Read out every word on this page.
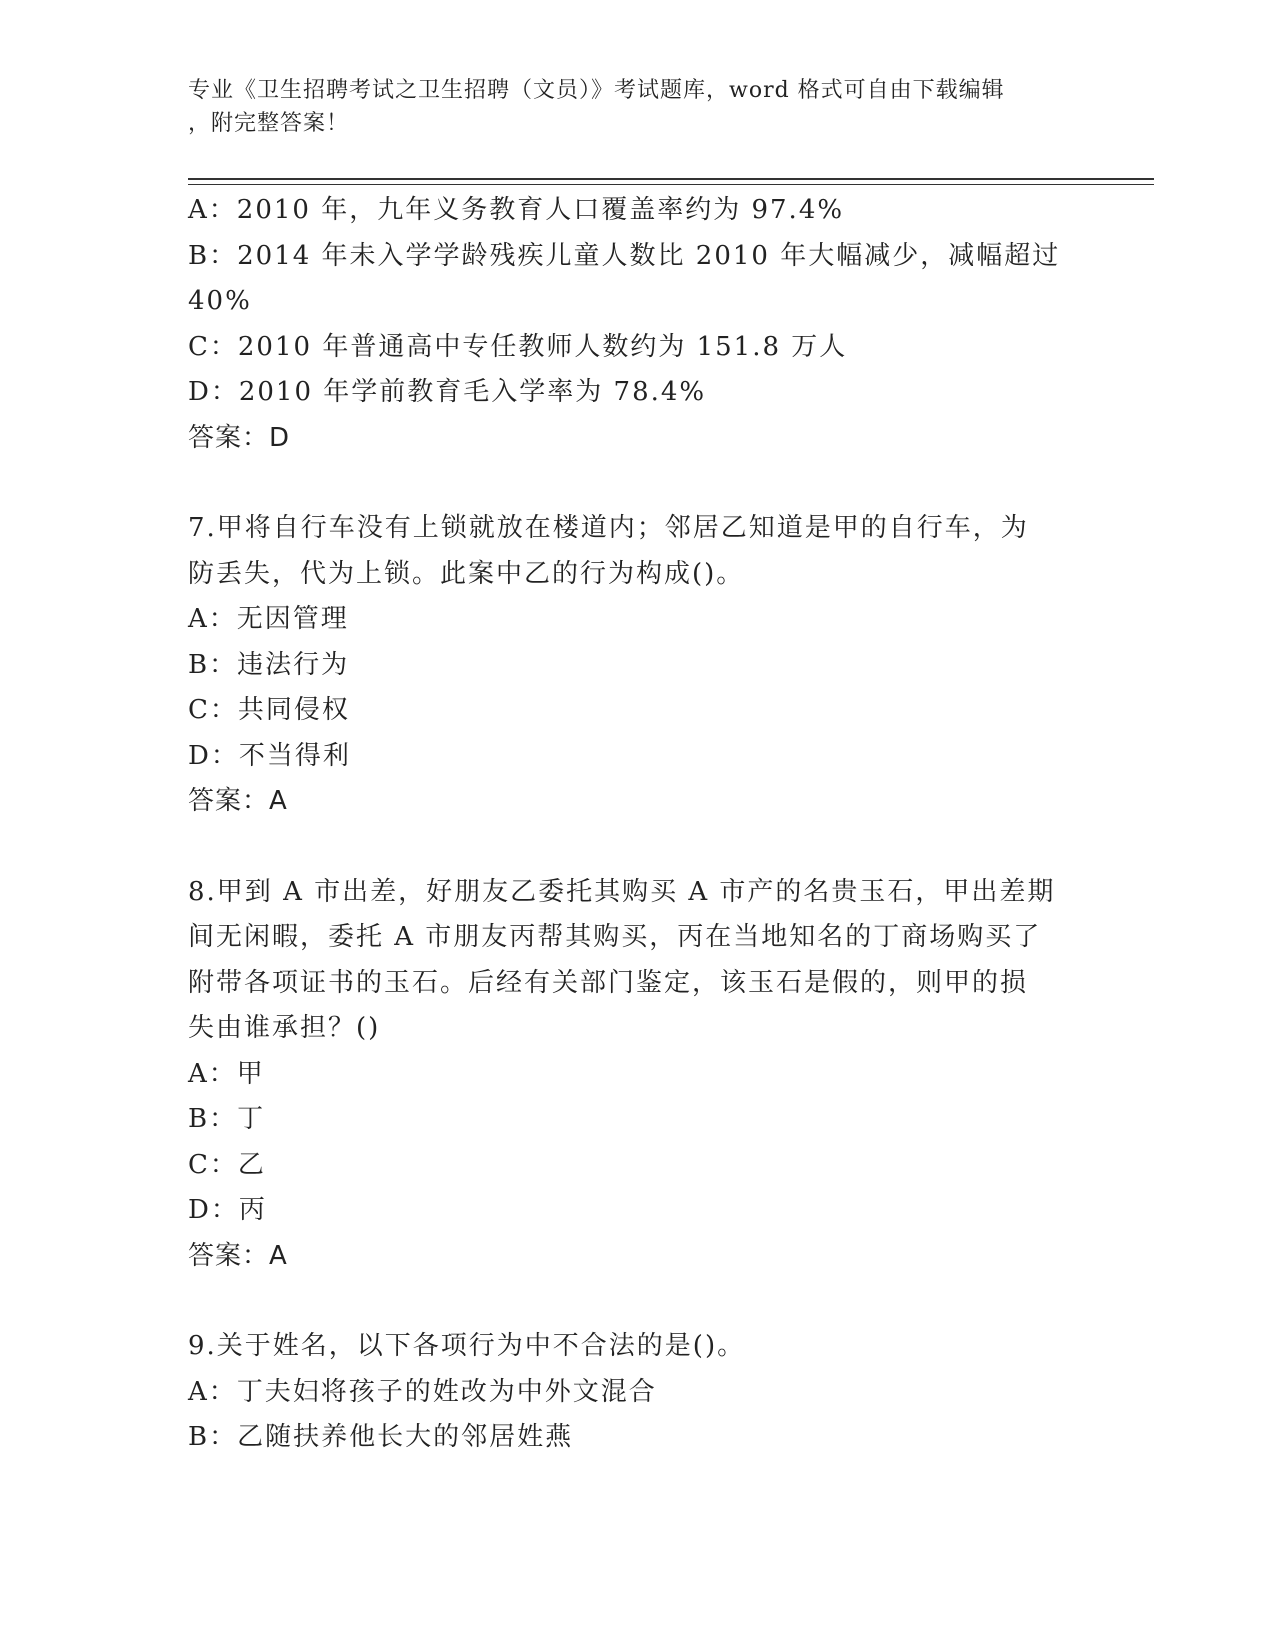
专业《卫生招聘考试之卫生招聘（文员）》考试题库，word 格式可自由下载编辑
，附完整答案！
A：2010 年，九年义务教育人口覆盖率约为 97.4%
B：2014 年未入学学龄残疾儿童人数比 2010 年大幅减少，减幅超过
40%
C：2010 年普通高中专任教师人数约为 151.8 万人
D：2010 年学前教育毛入学率为 78.4%
答案：D
7.甲将自行车没有上锁就放在楼道内；邻居乙知道是甲的自行车，为
防丢失，代为上锁。此案中乙的行为构成()。
A：无因管理
B：违法行为
C：共同侵权
D：不当得利
答案：A
8.甲到 A 市出差，好朋友乙委托其购买 A 市产的名贵玉石，甲出差期
间无闲暇，委托 A 市朋友丙帮其购买，丙在当地知名的丁商场购买了
附带各项证书的玉石。后经有关部门鉴定，该玉石是假的，则甲的损
失由谁承担？()
A：甲
B：丁
C：乙
D：丙
答案：A
9.关于姓名，以下各项行为中不合法的是()。
A：丁夫妇将孩子的姓改为中外文混合
B：乙随扶养他长大的邻居姓燕
